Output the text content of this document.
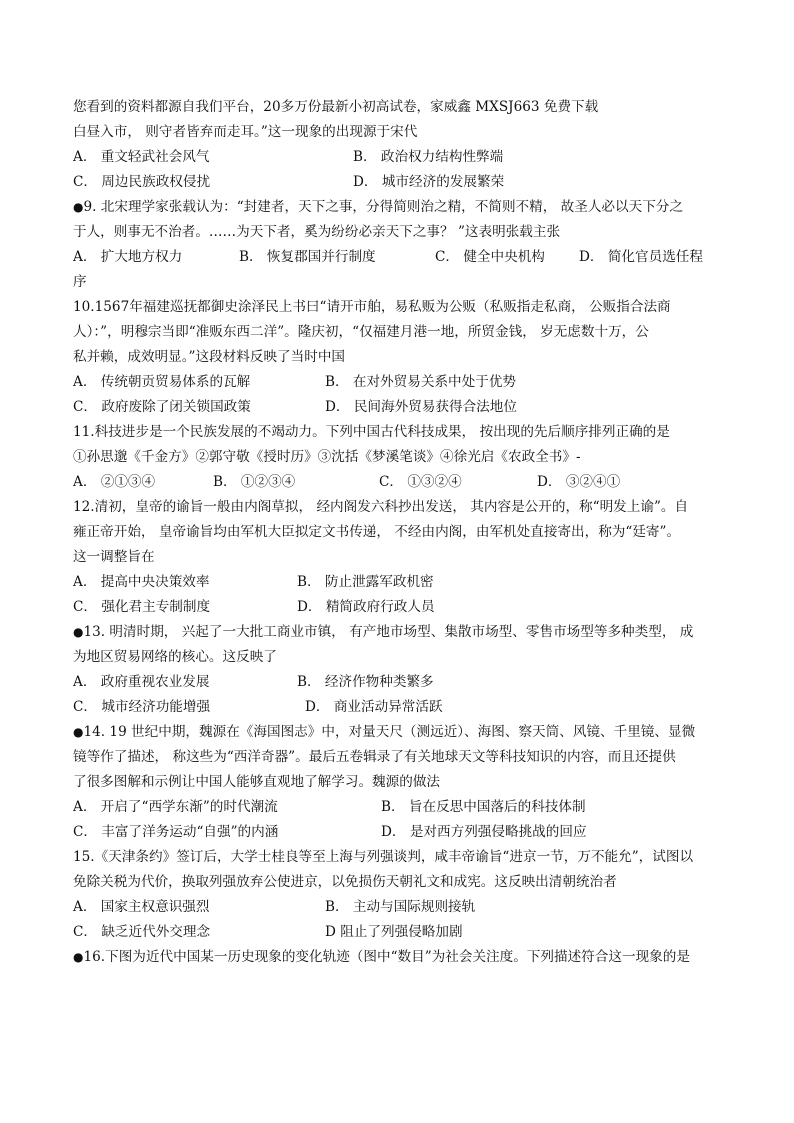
您看到的资料都源自我们平台，20多万份最新小初高试卷，家威鑫 MXSJ663 免费下载
白昼入市， 则守者皆弃而走耳。”这一现象的出现源于宋代
A． 重文轻武社会风气	B． 政治权力结构性弊端
C． 周边民族政权侵扰	D． 城市经济的发展繁荣
●9. 北宋理学家张载认为：“封建者，天下之事，分得简则治之精，不简则不精， 故圣人必以天下分之
于人，则事无不治者。……为天下者，奚为纷纷必亲天下之事？ ”这表明张载主张
A． 扩大地方权力	B． 恢复郡国并行制度	C． 健全中央机构	D． 简化官员选任程
序
10.1567年福建巡抚都御史涂泽民上书曰“请开市舶，易私贩为公贩（私贩指走私商， 公贩指合法商
人）：”，明穆宗当即“准贩东西二洋”。隆庆初，“仅福建月港一地，所贸金钱， 岁无虑数十万，公
私并赖，成效明显。”这段材料反映了当时中国
A． 传统朝贡贸易体系的瓦解	B． 在对外贸易关系中处于优势
C． 政府废除了闭关锁国政策	D． 民间海外贸易获得合法地位
11.科技进步是一个民族发展的不竭动力。下列中国古代科技成果， 按出现的先后顺序排列正确的是
①孙思邈《千金方》②郭守敬《授时历》③沈括《梦溪笔谈》④徐光启《农政全书》-
A． ②①③④	B． ①②③④	C． ①③②④	D． ③②④①
12.清初，皇帝的谕旨一般由内阁草拟， 经内阁发六科抄出发送， 其内容是公开的，称“明发上谕”。自
雍正帝开始， 皇帝谕旨均由军机大臣拟定文书传递， 不经由内阁，由军机处直接寄出，称为“廷寄”。
这一调整旨在
A． 提高中央决策效率	B． 防止泄露军政机密
C． 强化君主专制制度	D． 精简政府行政人员
●13. 明清时期， 兴起了一大批工商业市镇， 有产地市场型、集散市场型、零售市场型等多种类型， 成
为地区贸易网络的核心。这反映了
A． 政府重视农业发展	B． 经济作物种类繁多
C． 城市经济功能增强	D． 商业活动异常活跃
●14. 19 世纪中期，魏源在《海国图志》中，对量天尺（测远近）、海图、察天筒、风镜、千里镜、显微
镜等作了描述， 称这些为“西洋奇器”。最后五卷辑录了有关地球天文等科技知识的内容，而且还提供
了很多图解和示例让中国人能够直观地了解学习。魏源的做法
A． 开启了“西学东渐”的时代潮流	B． 旨在反思中国落后的科技体制
C． 丰富了洋务运动“自强”的内涵	D． 是对西方列强侵略挑战的回应
15.《天津条约》签订后，大学士桂良等至上海与列强谈判，咸丰帝谕旨“进京一节，万不能允”，试图以
免除关税为代价，换取列强放弃公使进京，以免损伤天朝礼文和成宪。这反映出清朝统治者
A． 国家主权意识强烈	B． 主动与国际规则接轨
C． 缺乏近代外交理念	D 阻止了列强侵略加剧
●16.下图为近代中国某一历史现象的变化轨迹（图中“数目”为社会关注度。下列描述符合这一现象的是
